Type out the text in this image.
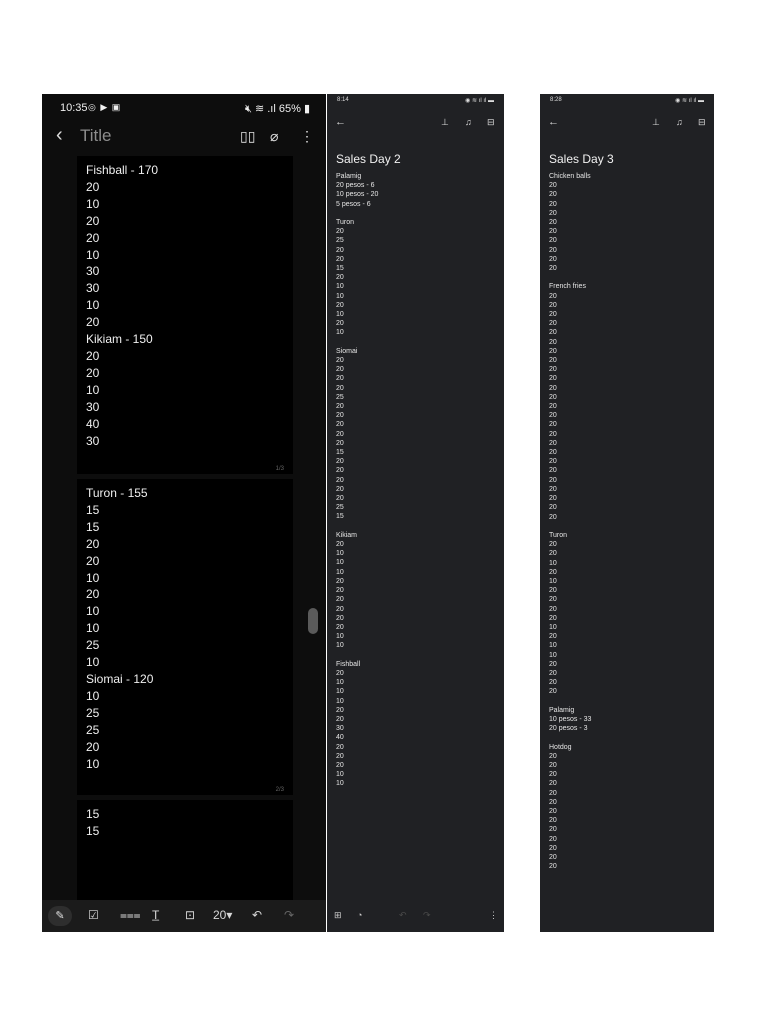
10:35 ◎ ▶ ▣	🔇︎ ≋ .ıl 65% ▮
‹ Title	▯▯ ⌀ ⋮
Fishball - 170
20
10
20
20
10
30
30
10
20
Kikiam - 150
20
20
10
30
40
30
1/3
Turon - 155
15
15
20
20
10
20
10
10
25
10
Siomai - 120
10
25
25
20
10
2/3
15
15
✎	☑ ⩶ T̲ ⊡ 20▾ ↶ ↷
8:14	◉ ≋ ıl ıl ▬
←	⊥ ♫ ⊟
Sales Day 2
Palamig
20 pesos - 6
10 pesos - 20
5 pesos - 6
Turon
20
25
20
20
15
20
10
10
20
10
20
10
Siomai
20
20
20
20
25
20
20
20
20
20
15
20
20
20
20
20
25
15
Kikiam
20
10
10
10
20
20
20
20
20
20
10
10
Fishball
20
10
10
10
20
20
30
40
20
20
20
10
10
⊞ ◔	↶ ↷	⋮
8:28	◉ ≋ ıl ıl ▬
←	⊥ ♫ ⊟
Sales Day 3
Chicken balls
20
20
20
20
20
20
20
20
20
20
French fries
20
20
20
20
20
20
20
20
20
20
20
20
20
20
20
20
20
20
20
20
20
20
20
20
20
Turon
20
20
10
20
10
20
20
20
20
10
20
10
10
20
20
20
20
Palamig
10 pesos - 33
20 pesos - 3
Hotdog
20
20
20
20
20
20
20
20
20
20
20
20
20
